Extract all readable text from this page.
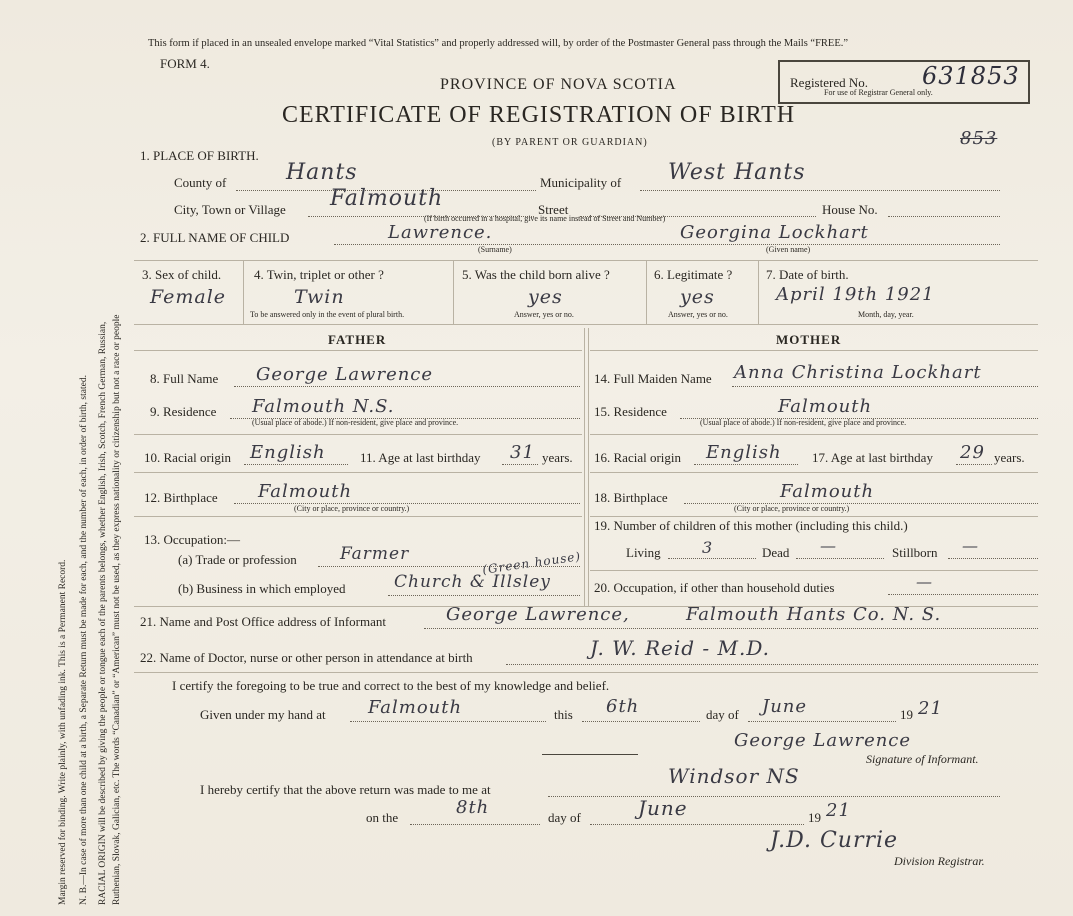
Margin reserved for binding. Write plainly, with unfading ink. This is a Permanent Record. N. B.—In case of more than one child at a birth, a Separate Return must be made for each, and the number of each, in order of birth, stated. RACIAL ORIGIN will be described by giving the people or tongue each of the parents belongs, whether English, Irish, Scotch, French German, Russian, Ruthenian, Slovak, Galician, etc. The words “Canadian” or “American” must not be used, as they express nationality or citizenship but not a race or people
This form if placed in an unsealed envelope marked “Vital Statistics” and properly addressed will, by order of the Postmaster General pass through the Mails “FREE.”
FORM 4.
PROVINCE OF NOVA SCOTIA
CERTIFICATE OF REGISTRATION OF BIRTH
(BY PARENT OR GUARDIAN)
Registered No. 631853
For use of Registrar General only.
853
1. PLACE OF BIRTH.
County of	Hants	Municipality of West Hants
City, Town or Village Falmouth	Street	House No.
(If birth occurred in a hospital, give its name instead of Street and Number)
2. FULL NAME OF CHILD	Lawrence.
(Surname)
Georgina Lockhart
(Given name)
3. Sex of child.
Female
4. Twin, triplet or other ?
Twin
To be answered only in the event of plural birth.
5. Was the child born alive ?
yes
Answer, yes or no.
6. Legitimate ?
yes
Answer, yes or no.
7. Date of birth.
April 19th 1921
Month, day, year.
FATHER	MOTHER
8. Full Name George Lawrence
9. Residence Falmouth N.S.
(Usual place of abode.) If non-resident, give place and province.
10. Racial origin English	11. Age at last birthday 31 years.
12. Birthplace Falmouth
(City or place, province or country.)
13. Occupation:—
(a) Trade or profession	Farmer
(b) Business in which employed	Church & Illsley
(Green house)
14. Full Maiden Name Anna Christina Lockhart
15. Residence	Falmouth
(Usual place of abode.) If non-resident, give place and province.
16. Racial origin English 17. Age at last birthday 29 years.
18. Birthplace	Falmouth
(City or place, province or country.)
19. Number of children of this mother (including this child.)
Living	3	Dead —	Stillborn —
20. Occupation, if other than household duties	—
21. Name and Post Office address of Informant	George Lawrence,	Falmouth Hants Co. N. S.
22. Name of Doctor, nurse or other person in attendance at birth	J. W. Reid - M.D.
I certify the foregoing to be true and correct to the best of my knowledge and belief.
Given under my hand at Falmouth	this 6th	day of June	19 21
George Lawrence
Signature of Informant.
I hereby certify that the above return was made to me at
Windsor NS
on the	8th	day of	June	19 21
J.D. Currie
Division Registrar.
